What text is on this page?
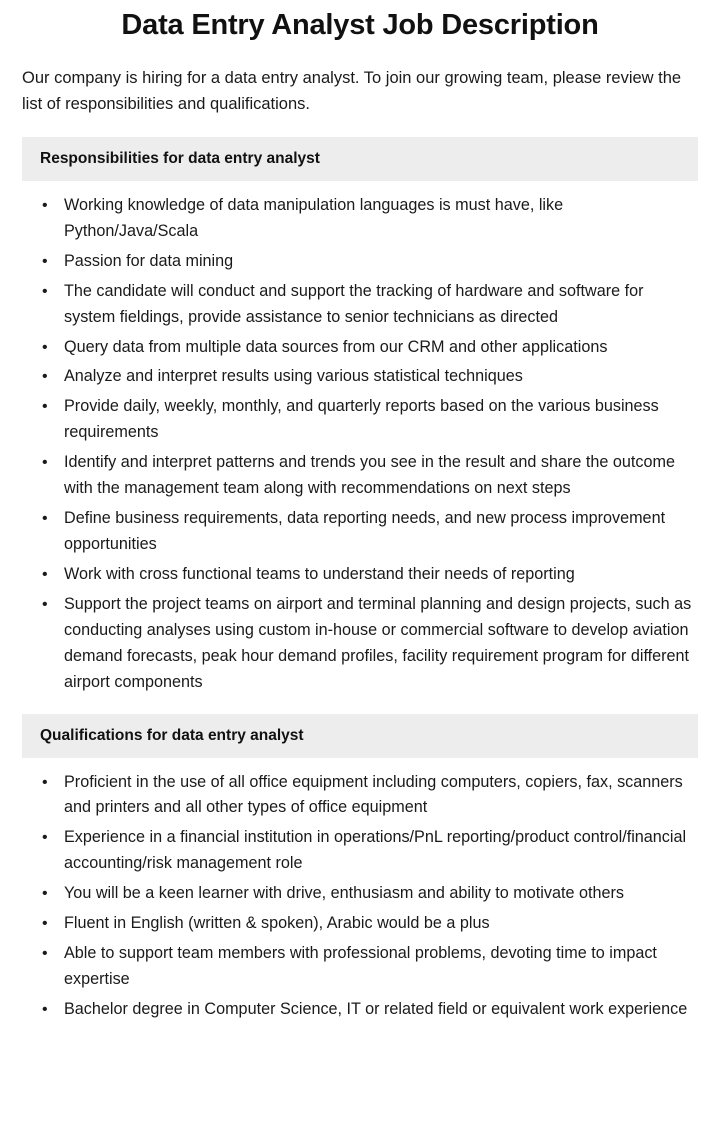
Data Entry Analyst Job Description

Our company is hiring for a data entry analyst. To join our growing team, please review the list of responsibilities and qualifications.

Responsibilities for data entry analyst
• Working knowledge of data manipulation languages is must have, like Python/Java/Scala
• Passion for data mining
• The candidate will conduct and support the tracking of hardware and software for system fieldings, provide assistance to senior technicians as directed
• Query data from multiple data sources from our CRM and other applications
• Analyze and interpret results using various statistical techniques
• Provide daily, weekly, monthly, and quarterly reports based on the various business requirements
• Identify and interpret patterns and trends you see in the result and share the outcome with the management team along with recommendations on next steps
• Define business requirements, data reporting needs, and new process improvement opportunities
• Work with cross functional teams to understand their needs of reporting
• Support the project teams on airport and terminal planning and design projects, such as conducting analyses using custom in-house or commercial software to develop aviation demand forecasts, peak hour demand profiles, facility requirement program for different airport components
Qualifications for data entry analyst
• Proficient in the use of all office equipment including computers, copiers, fax, scanners and printers and all other types of office equipment
• Experience in a financial institution in operations/PnL reporting/product control/financial accounting/risk management role
• You will be a keen learner with drive, enthusiasm and ability to motivate others
• Fluent in English (written & spoken), Arabic would be a plus
• Able to support team members with professional problems, devoting time to impact expertise
• Bachelor degree in Computer Science, IT or related field or equivalent work experience
